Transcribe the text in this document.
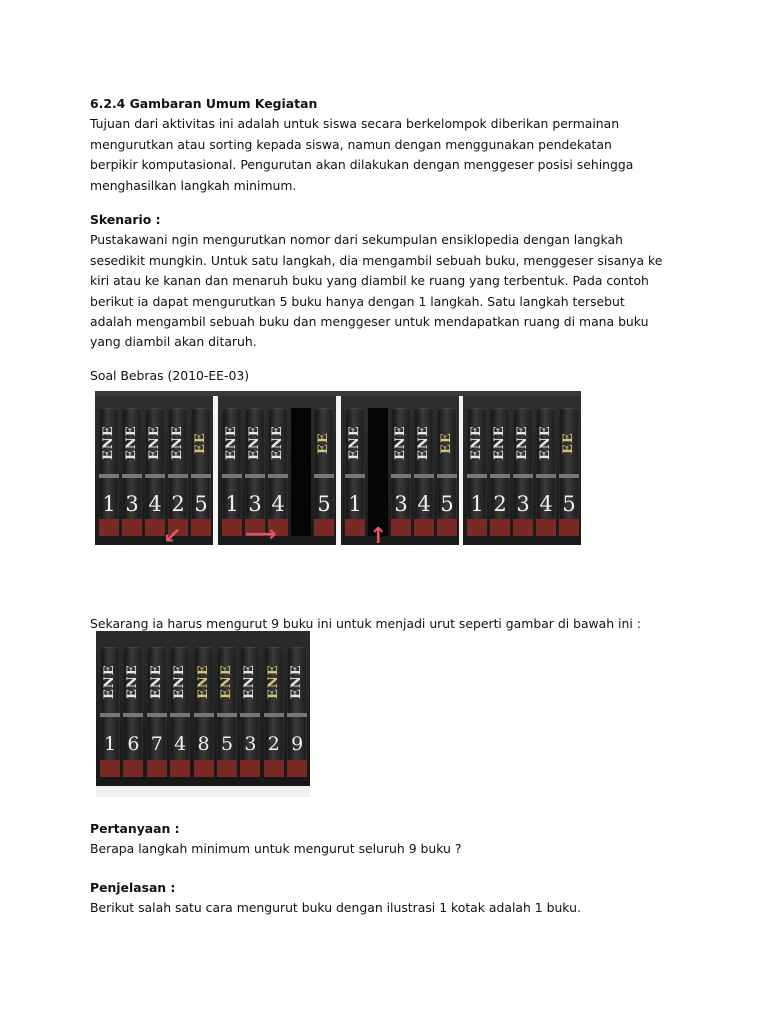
6.2.4 Gambaran Umum Kegiatan
Tujuan dari aktivitas ini adalah untuk siswa secara berkelompok diberikan permainan
mengurutkan atau sorting kepada siswa, namun dengan menggunakan pendekatan
berpikir komputasional. Pengurutan akan dilakukan dengan menggeser posisi sehingga
menghasilkan langkah minimum.
Skenario :
Pustakawani ngin mengurutkan nomor dari sekumpulan ensiklopedia dengan langkah
sesedikit mungkin. Untuk satu langkah, dia mengambil sebuah buku, menggeser sisanya ke
kiri atau ke kanan dan menaruh buku yang diambil ke ruang yang terbentuk. Pada contoh
berikut ia dapat mengurutkan 5 buku hanya dengan 1 langkah. Satu langkah tersebut
adalah mengambil sebuah buku dan menggeser untuk mendapatkan ruang di mana buku
yang diambil akan ditaruh.
Soal Bebras (2010-EE-03)
ENE
1
ENE
3
ENE
4
ENE
2
EE
5
ENE
1
ENE
3
ENE
4
EE
5
ENE
1
ENE
3
ENE
4
EE
5
ENE
1
ENE
2
ENE
3
ENE
4
EE
5
↙	⟶	↑
Sekarang ia harus mengurut 9 buku ini untuk menjadi urut seperti gambar di bawah ini :
ENE
1
ENE
6
ENE
7
ENE
4
ENE
8
ENE
5
ENE
3
ENE
2
ENE
9
Pertanyaan :
Berapa langkah minimum untuk mengurut seluruh 9 buku ?
Penjelasan :
Berikut salah satu cara mengurut buku dengan ilustrasi 1 kotak adalah 1 buku.
